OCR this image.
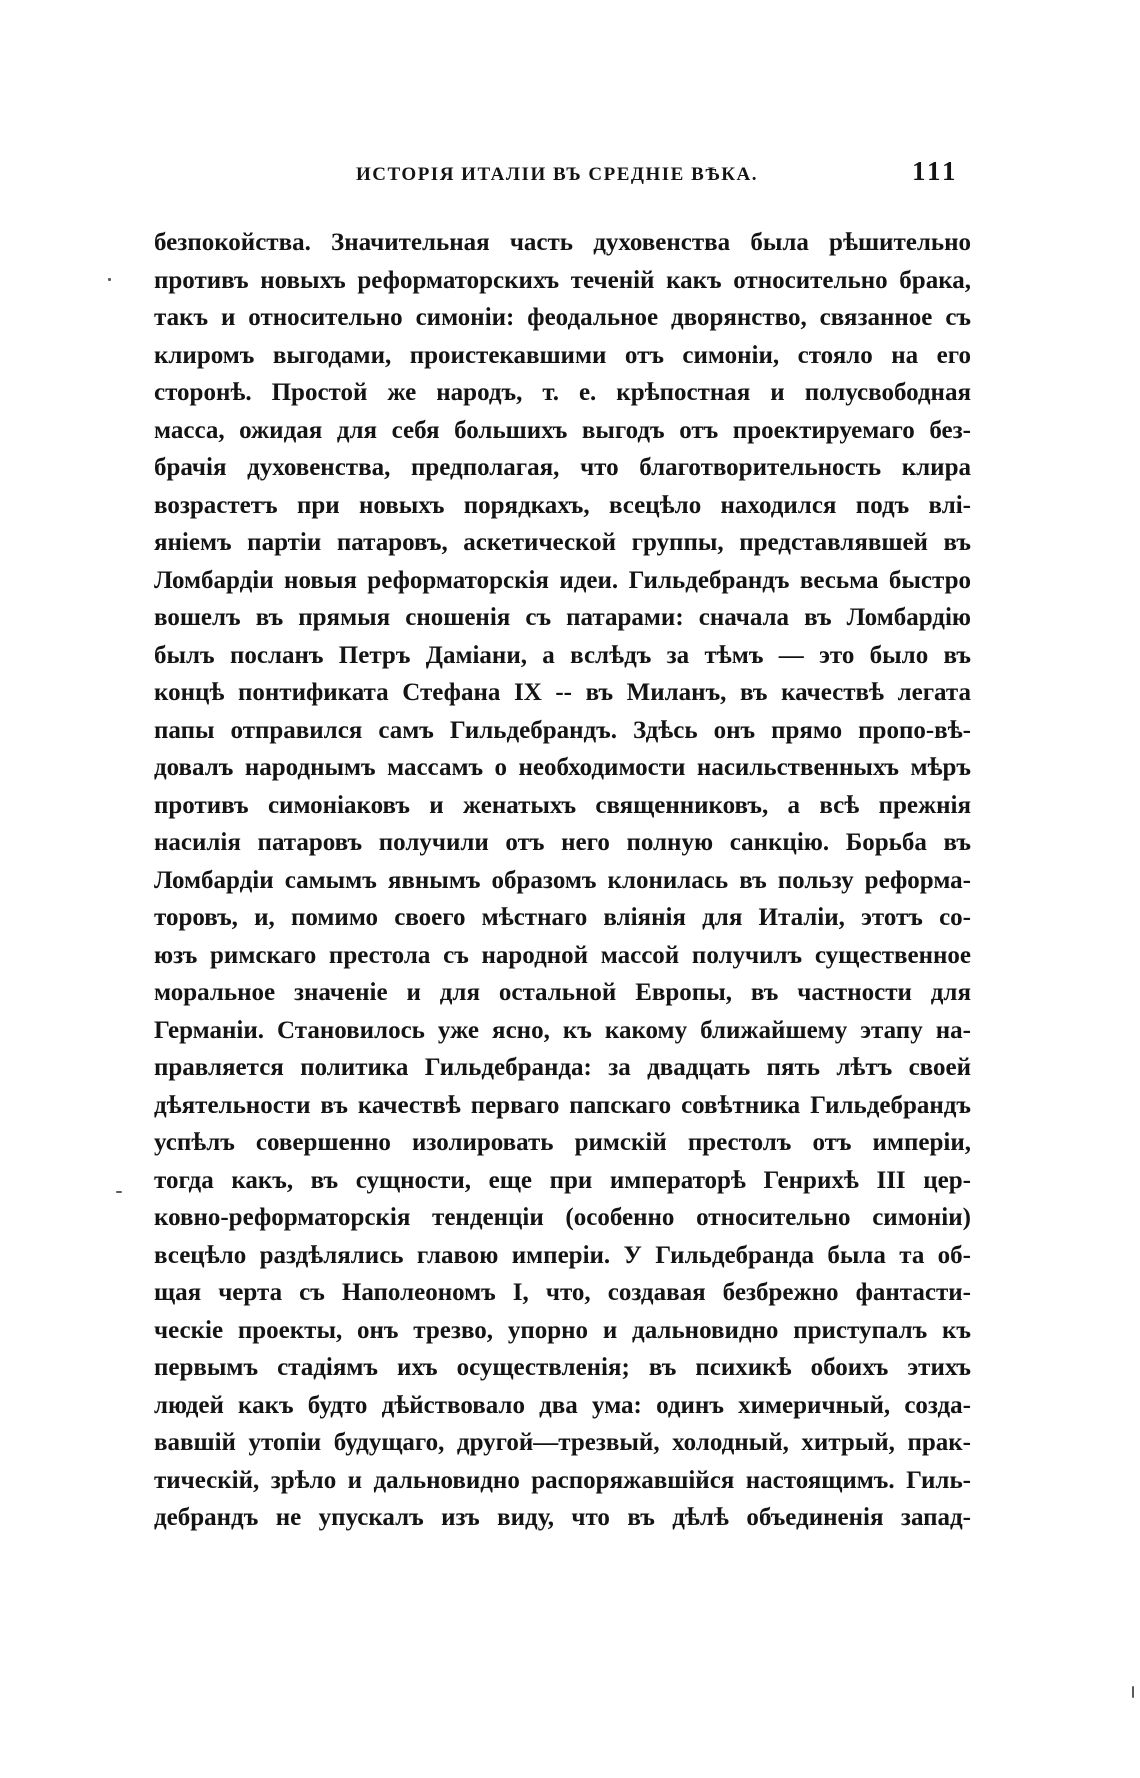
ИСТОРІЯ ИТАЛІИ ВЪ СРЕДНІЕ ВѢКА.	111
безпокойства. Значительная часть духовенства была рѣшительно
противъ новыхъ реформаторскихъ теченій какъ относительно брака,
такъ и относительно симоніи: феодальное дворянство, связанное съ
клиромъ выгодами, проистекавшими отъ симоніи, стояло на его
сторонѣ. Простой же народъ, т. е. крѣпостная и полусвободная
масса, ожидая для себя большихъ выгодъ отъ проектируемаго без-
брачія духовенства, предполагая, что благотворительность клира
возрастетъ при новыхъ порядкахъ, всецѣло находился подъ влі-
яніемъ партіи патаровъ, аскетической группы, представлявшей въ
Ломбардіи новыя реформаторскія идеи. Гильдебрандъ весьма быстро
вошелъ въ прямыя сношенія съ патарами: сначала въ Ломбардію
былъ посланъ Петръ Даміани, а вслѣдъ за тѣмъ — это было въ
концѣ понтификата Стефана IX -- въ Миланъ, въ качествѣ легата
папы отправился самъ Гильдебрандъ. Здѣсь онъ прямо пропо-вѣ-
довалъ народнымъ массамъ о необходимости насильственныхъ мѣръ
противъ симоніаковъ и женатыхъ священниковъ, а всѣ прежнія
насилія патаровъ получили отъ него полную санкцію. Борьба въ
Ломбардіи самымъ явнымъ образомъ клонилась въ пользу реформа-
торовъ, и, помимо своего мѣстнаго вліянія для Италіи, этотъ со-
юзъ римскаго престола съ народной массой получилъ существенное
моральное значеніе и для остальной Европы, въ частности для
Германіи. Становилось уже ясно, къ какому ближайшему этапу на-
правляется политика Гильдебранда: за двадцать пять лѣтъ своей
дѣятельности въ качествѣ перваго папскаго совѣтника Гильдебрандъ
успѣлъ совершенно изолировать римскій престолъ отъ имперіи,
тогда какъ, въ сущности, еще при императорѣ Генрихѣ III цер-
ковно-реформаторскія тенденціи (особенно относительно симоніи)
всецѣло раздѣлялись главою имперіи. У Гильдебранда была та об-
щая черта съ Наполеономъ I, что, создавая безбрежно фантасти-
ческіе проекты, онъ трезво, упорно и дальновидно приступалъ къ
первымъ стадіямъ ихъ осуществленія; въ психикѣ обоихъ этихъ
людей какъ будто дѣйствовало два ума: одинъ химеричный, созда-
вавшій утопіи будущаго, другой—трезвый, холодный, хитрый, прак-
тическій, зрѣло и дальновидно распоряжавшійся настоящимъ. Гиль-
дебрандъ не упускалъ изъ виду, что въ дѣлѣ объединенія запад-
